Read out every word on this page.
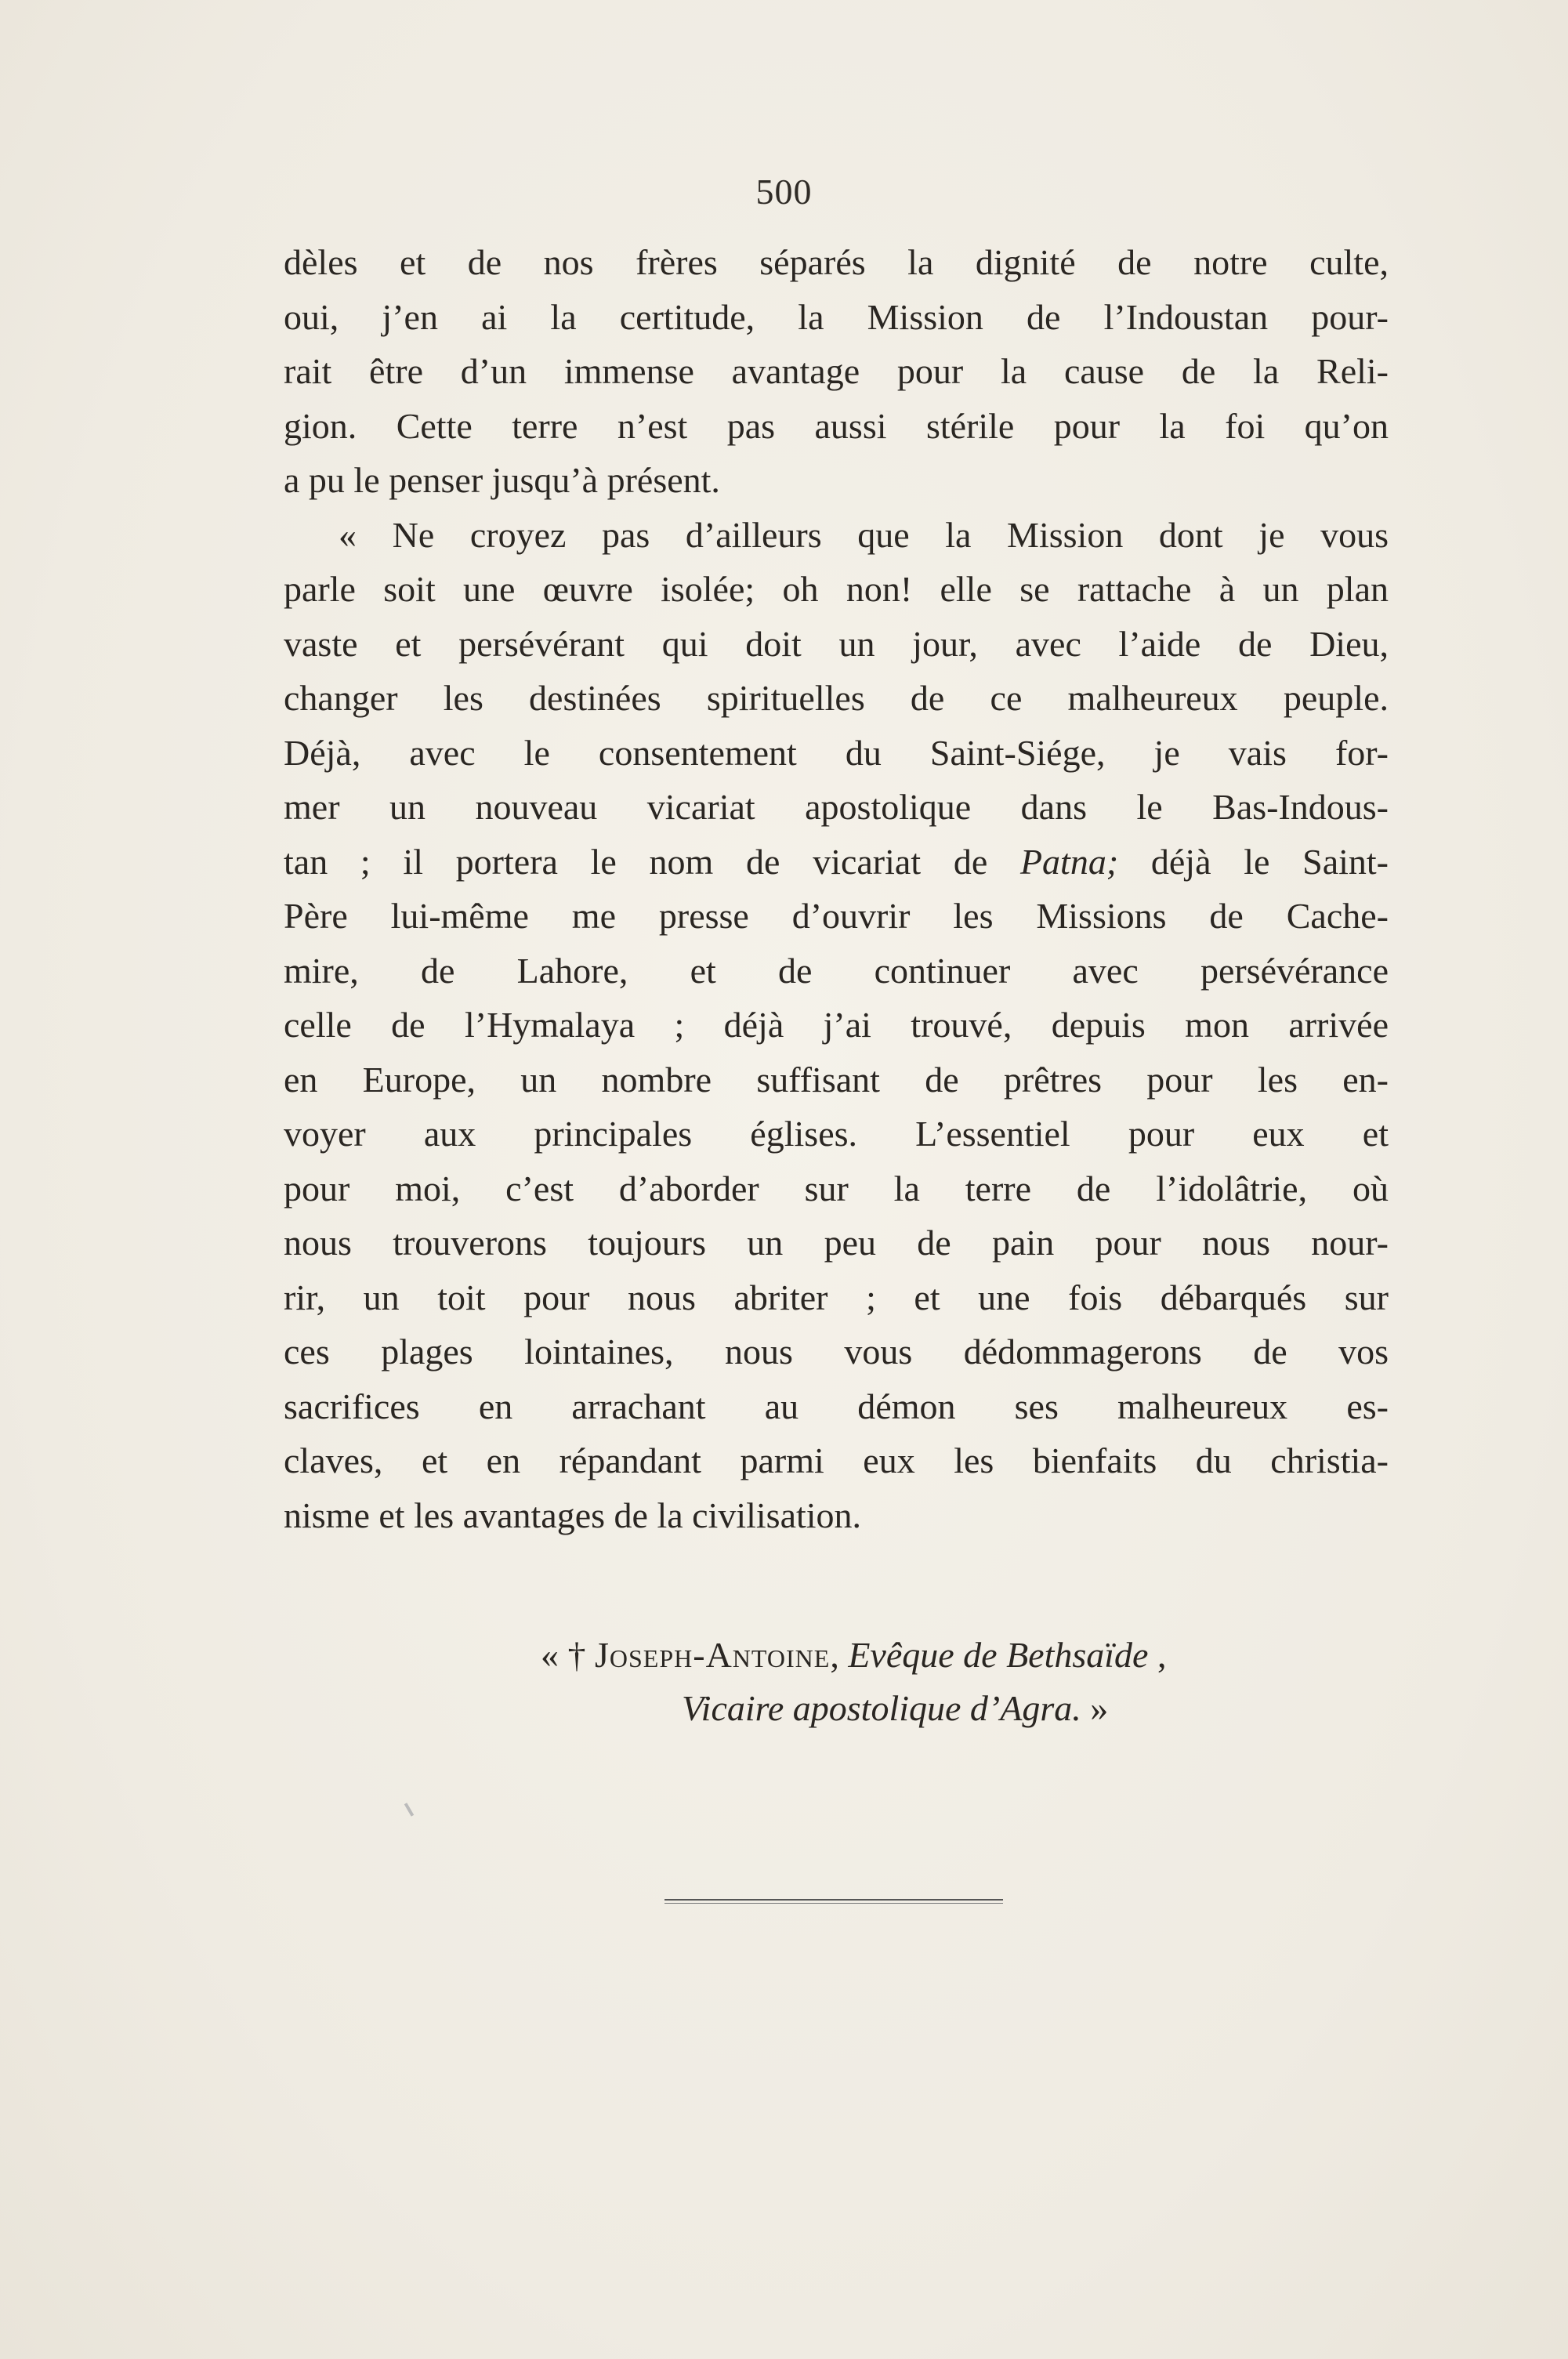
500
dèles et de nos frères séparés la dignité de notre culte,
oui, j’en ai la certitude, la Mission de l’Indoustan pour-
rait être d’un immense avantage pour la cause de la Reli-
gion. Cette terre n’est pas aussi stérile pour la foi qu’on
a pu le penser jusqu’à présent.
« Ne croyez pas d’ailleurs que la Mission dont je vous
parle soit une œuvre isolée; oh non! elle se rattache à un plan
vaste et persévérant qui doit un jour, avec l’aide de Dieu,
changer les destinées spirituelles de ce malheureux peuple.
Déjà, avec le consentement du Saint-Siége, je vais for-
mer un nouveau vicariat apostolique dans le Bas-Indous-
tan ; il portera le nom de vicariat de Patna; déjà le Saint-
Père lui-même me presse d’ouvrir les Missions de Cache-
mire, de Lahore, et de continuer avec persévérance
celle de l’Hymalaya ; déjà j’ai trouvé, depuis mon arrivée
en Europe, un nombre suffisant de prêtres pour les en-
voyer aux principales églises. L’essentiel pour eux et
pour moi, c’est d’aborder sur la terre de l’idolâtrie, où
nous trouverons toujours un peu de pain pour nous nour-
rir, un toit pour nous abriter ; et une fois débarqués sur
ces plages lointaines, nous vous dédommagerons de vos
sacrifices en arrachant au démon ses malheureux es-
claves, et en répandant parmi eux les bienfaits du christia-
nisme et les avantages de la civilisation.
« † Joseph-Antoine, Evêque de Bethsaïde ,
Vicaire apostolique d’Agra. »
